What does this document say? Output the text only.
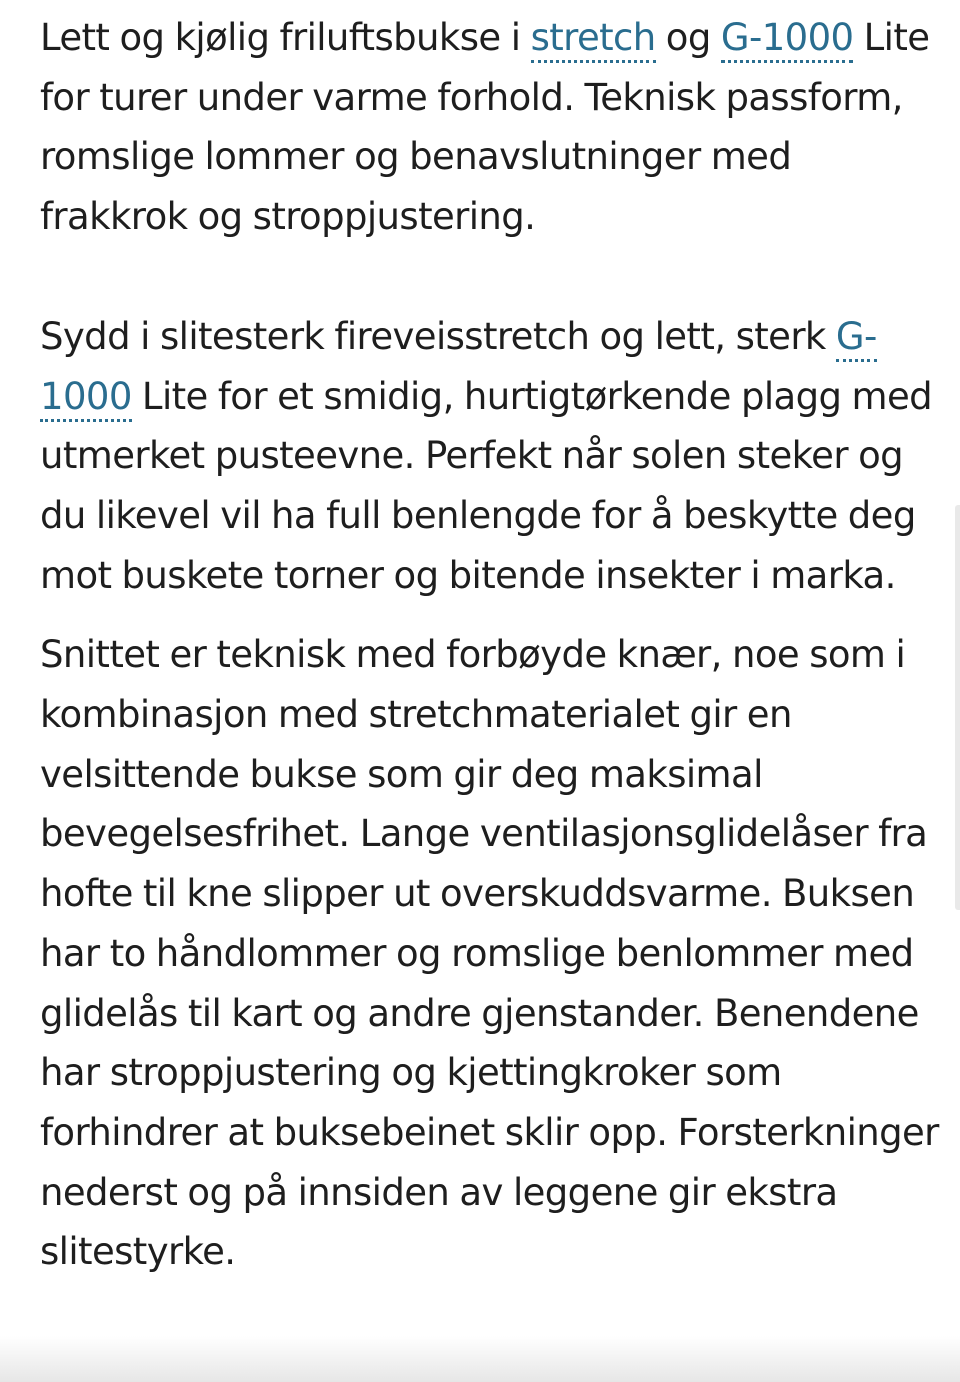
Lett og kjølig friluftsbukse i stretch og G-1000 Lite for turer under varme forhold. Teknisk passform, romslige lommer og benavslutninger med frakkrok og stroppjustering.

Sydd i slitesterk fireveisstretch og lett, sterk G-1000 Lite for et smidig, hurtigtørkende plagg med utmerket pusteevne. Perfekt når solen steker og du likevel vil ha full benlengde for å beskytte deg mot buskete torner og bitende insekter i marka.

Snittet er teknisk med forbøyde knær, noe som i kombinasjon med stretchmaterialet gir en velsittende bukse som gir deg maksimal bevegelsesfrihet. Lange ventilasjonsglidelåser fra hofte til kne slipper ut overskuddsvarme. Buksen har to håndlommer og romslige benlommer med glidelås til kart og andre gjenstander. Benendene har stroppjustering og kjettingkroker som forhindrer at buksebeinet sklir opp. Forsterkninger nederst og på innsiden av leggene gir ekstra slitestyrke.
